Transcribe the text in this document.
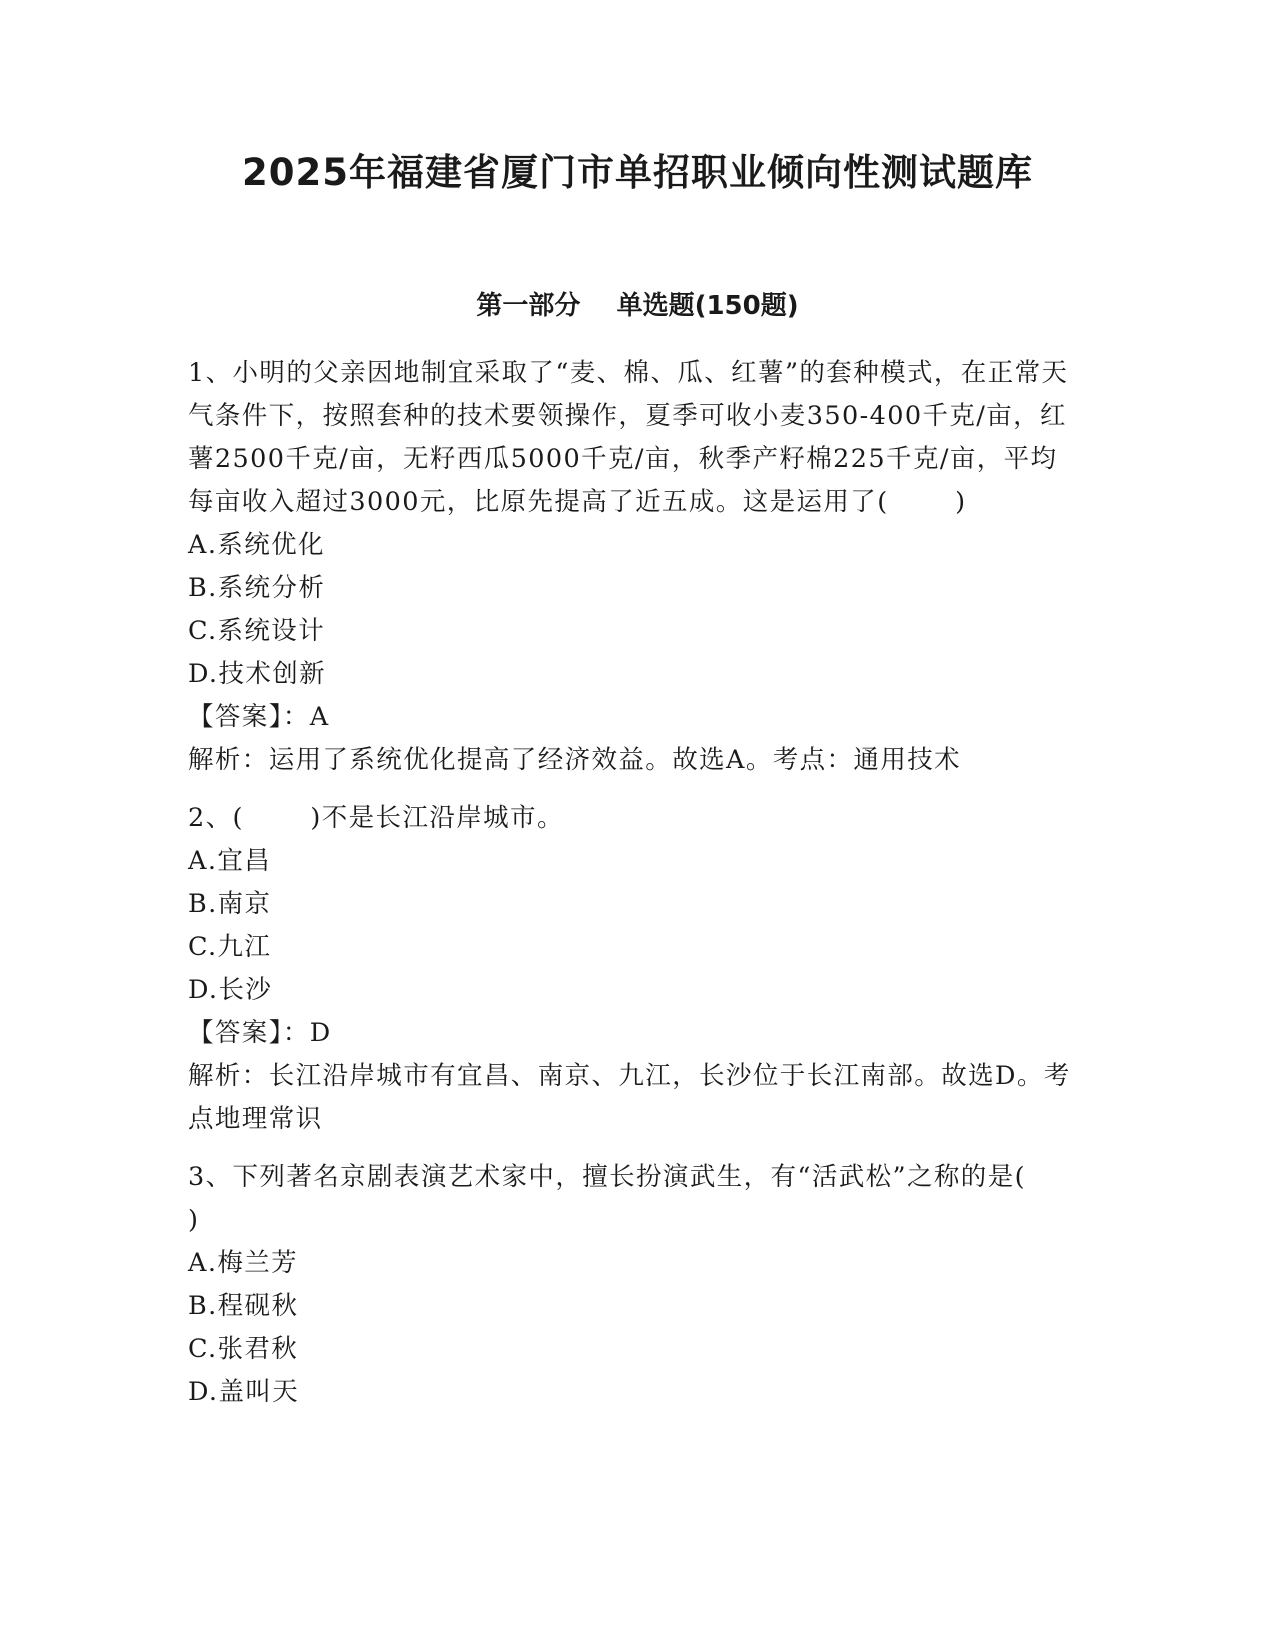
2025年福建省厦门市单招职业倾向性测试题库
第一部分    单选题(150题)

1、小明的父亲因地制宜采取了“麦、棉、瓜、红薯”的套种模式，在正常天气条件下，按照套种的技术要领操作，夏季可收小麦350-400千克/亩，红薯2500千克/亩，无籽西瓜5000千克/亩，秋季产籽棉225千克/亩，平均每亩收入超过3000元，比原先提高了近五成。这是运用了(       )

A.系统优化

B.系统分析

C.系统设计

D.技术创新

【答案】：A

解析：运用了系统优化提高了经济效益。故选A。考点：通用技术

2、(       )不是长江沿岸城市。

A.宜昌

B.南京

C.九江

D.长沙

【答案】：D

解析：长江沿岸城市有宜昌、南京、九江，长沙位于长江南部。故选D。考点地理常识

3、下列著名京剧表演艺术家中，擅长扮演武生，有“活武松”之称的是(       )

A.梅兰芳

B.程砚秋

C.张君秋

D.盖叫天
